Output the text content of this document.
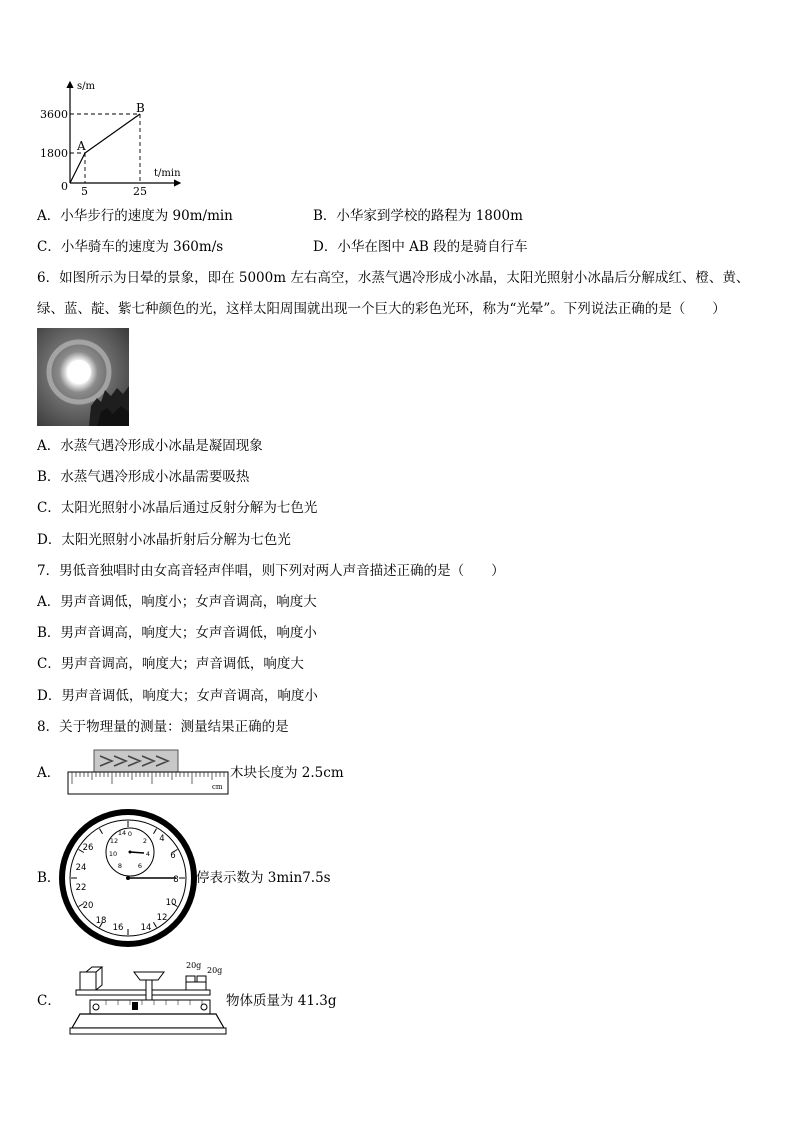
s/m
t/min
3600
1800
5	25
0
A
B
A．小华步行的速度为 90m/min	B．小华家到学校的路程为 1800m
C．小华骑车的速度为 360m/s	D．小华在图中 AB 段的是骑自行车
6．如图所示为日晕的景象，即在 5000m 左右高空，水蒸气遇冷形成小冰晶，太阳光照射小冰晶后分解成红、橙、黄、
绿、蓝、靛、紫七种颜色的光，这样太阳周围就出现一个巨大的彩色光环，称为“光晕”。下列说法正确的是（　　）
A．水蒸气遇冷形成小冰晶是凝固现象
B．水蒸气遇冷形成小冰晶需要吸热
C．太阳光照射小冰晶后通过反射分解为七色光
D．太阳光照射小冰晶折射后分解为七色光
7．男低音独唱时由女高音轻声伴唱，则下列对两人声音描述正确的是（　　）
A．男声音调低，响度小；女声音调高，响度大
B．男声音调高，响度大；女声音调低，响度小
C．男声音调高，响度大；声音调低，响度大
D．男声音调低，响度大；女声音调高，响度小
8．关于物理量的测量：测量结果正确的是
A．
cm
木块长度为 2.5cm
B．
4
6
8
10
12
14
16
18
20
22
24
26
0
2
4
6
8
10
12
14
停表示数为 3min7.5s
C．
20g
20g
物体质量为 41.3g
